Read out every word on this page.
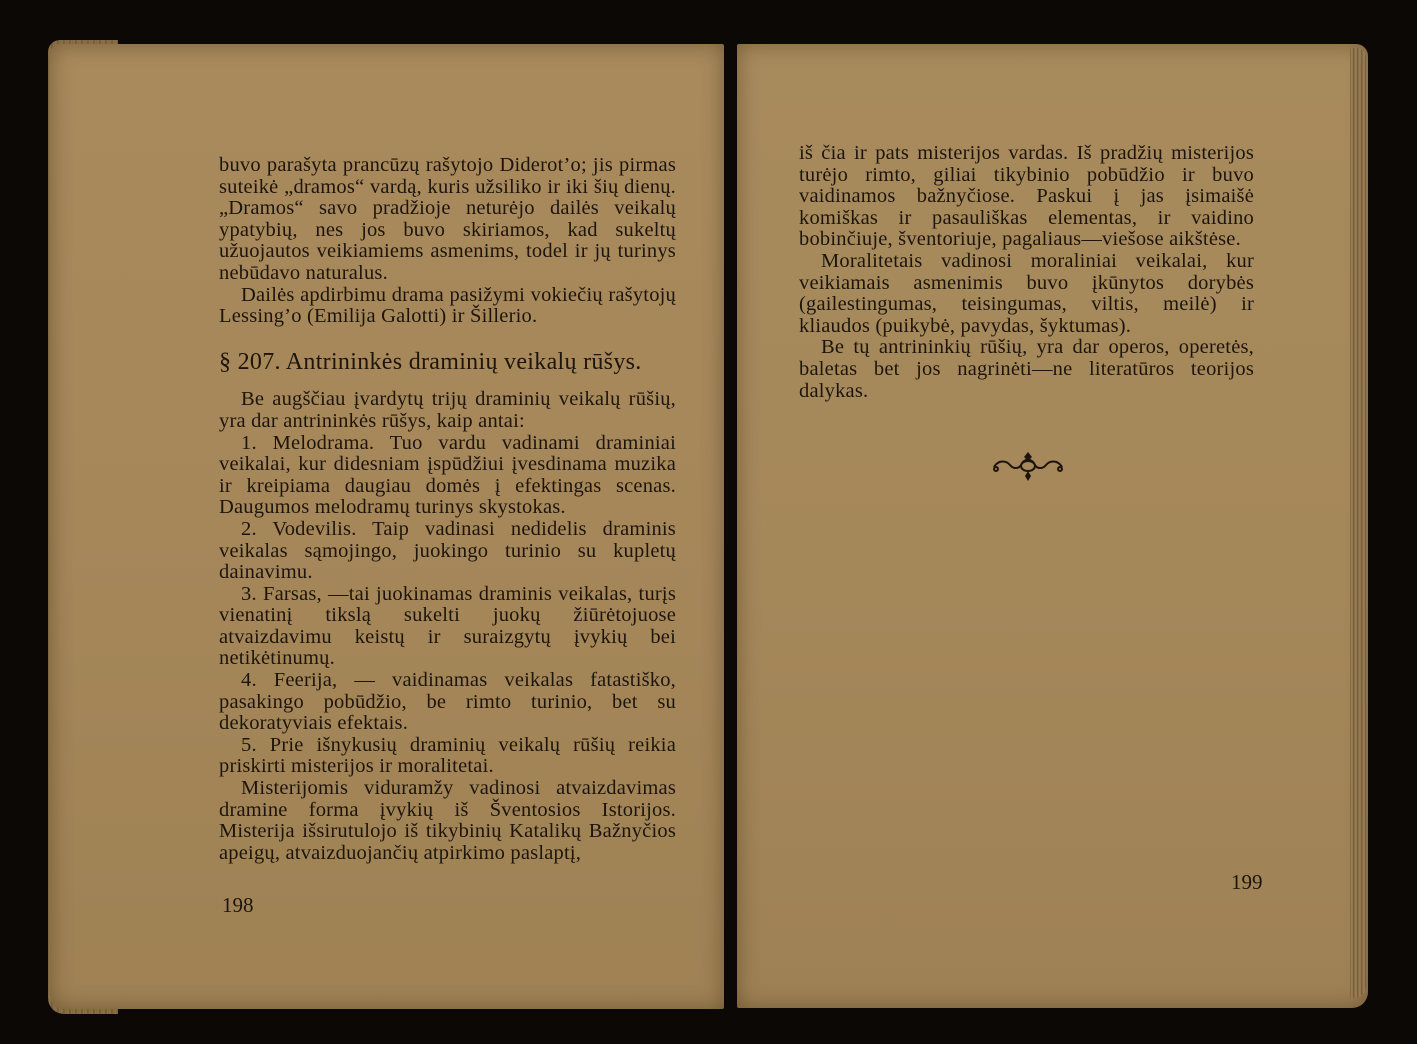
buvo parašyta prancūzų rašytojo Diderot’o; jis pirmas suteikė „dramos“ vardą, kuris užsiliko ir iki šių dienų. „Dramos“ savo pradžioje neturėjo dailės veikalų ypatybių, nes jos buvo skiriamos, kad sukeltų užuojautos veikiamiems asmenims, todel ir jų turinys nebūdavo naturalus.

Dailės apdirbimu drama pasižymi vokiečių rašytojų Lessing’o (Emilija Galotti) ir Šillerio.

§ 207. Antrininkės draminių veikalų rūšys.

Be augščiau įvardytų trijų draminių veikalų rūšių, yra dar antrininkės rūšys, kaip antai:

1. Melodrama. Tuo vardu vadinami draminiai veikalai, kur didesniam įspūdžiui įvesdinama muzika ir kreipiama daugiau domės į efektingas scenas. Daugumos melodramų turinys skystokas.

2. Vodevilis. Taip vadinasi nedidelis draminis veikalas sąmojingo, juokingo turinio su kupletų dainavimu.

3. Farsas, —tai juokinamas draminis veikalas, turįs vienatinį tikslą sukelti juokų žiūrėtojuose atvaizdavimu keistų ir suraizgytų įvykių bei netikėtinumų.

4. Feerija, — vaidinamas veikalas fatastiško, pasakingo pobūdžio, be rimto turinio, bet su dekoratyviais efektais.

5. Prie išnykusių draminių veikalų rūšių reikia priskirti misterijos ir moralitetai.

Misterijomis viduramžy vadinosi atvaizdavimas dramine forma įvykių iš Šventosios Istorijos. Misterija išsirutulojo iš tikybinių Katalikų Bažnyčios apeigų, atvaizduojančių atpirkimo paslaptį,

198

iš čia ir pats misterijos vardas. Iš pradžių misterijos turėjo rimto, giliai tikybinio pobūdžio ir buvo vaidinamos bažnyčiose. Paskui į jas įsimaišė komiškas ir pasauliškas elementas, ir vaidino bobinčiuje, šventoriuje, pagaliaus—viešose aikštėse.

Moralitetais vadinosi moraliniai veikalai, kur veikiamais asmenimis buvo įkūnytos dorybės (gailestingumas, teisingumas, viltis, meilė) ir kliaudos (puikybė, pavydas, šyktumas).

Be tų antrininkių rūšių, yra dar operos, operetės, baletas bet jos nagrinėti—ne literatūros teorijos dalykas.

199
